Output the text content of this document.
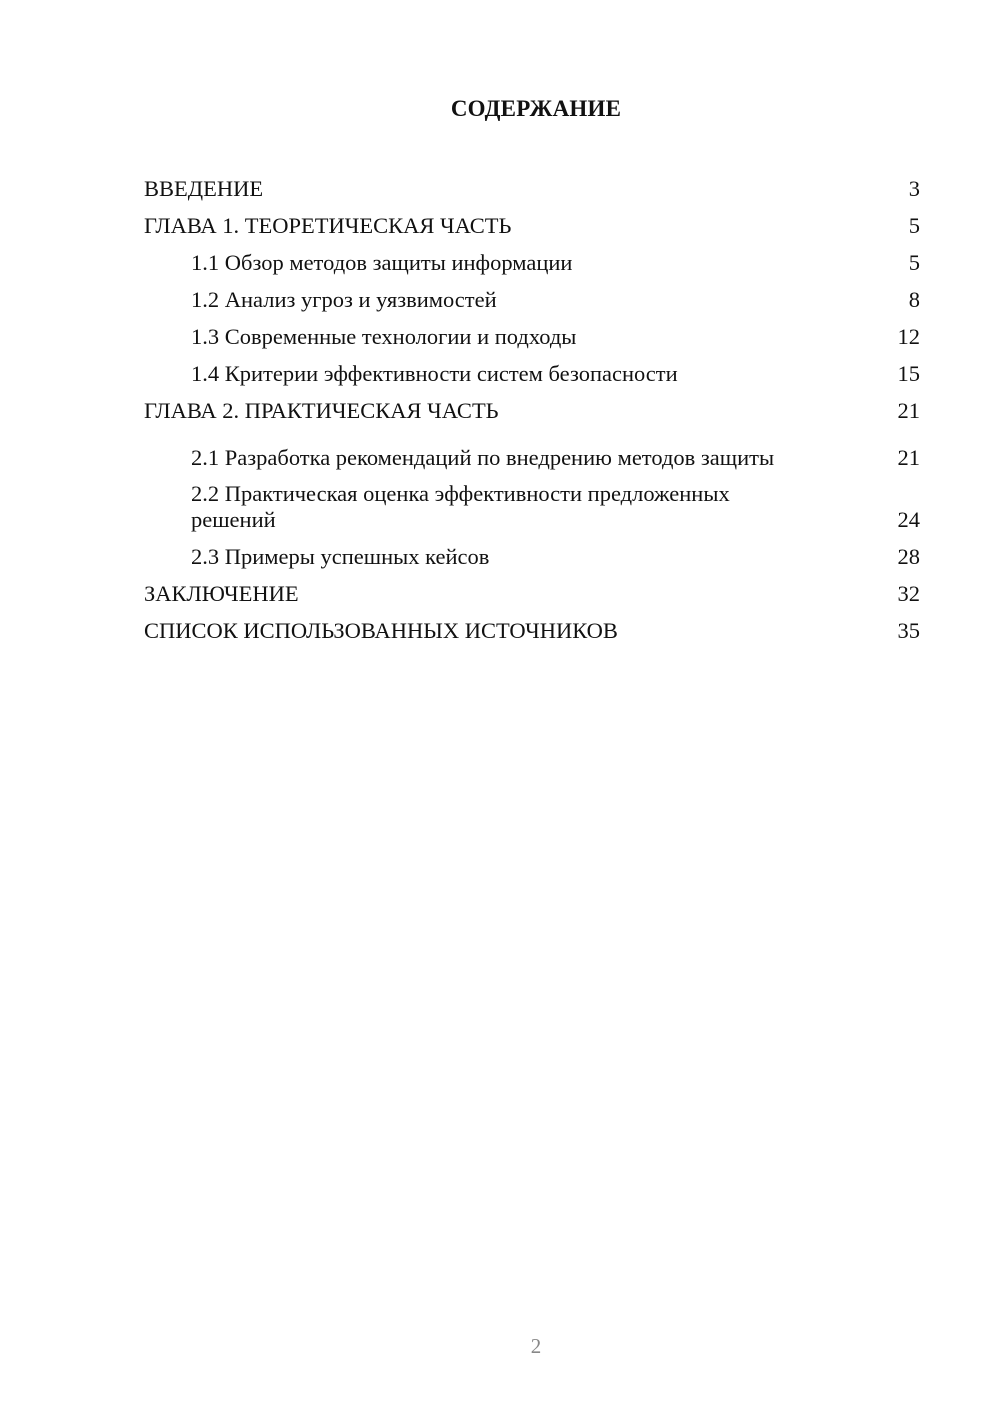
СОДЕРЖАНИЕ
ВВЕДЕНИЕ	3
ГЛАВА 1. ТЕОРЕТИЧЕСКАЯ ЧАСТЬ	5
1.1 Обзор методов защиты информации	5
1.2 Анализ угроз и уязвимостей	8
1.3 Современные технологии и подходы	12
1.4 Критерии эффективности систем безопасности	15
ГЛАВА 2. ПРАКТИЧЕСКАЯ ЧАСТЬ	21
2.1 Разработка рекомендаций по внедрению методов защиты	21
2.2 Практическая оценка эффективности предложенных решений	24
2.3 Примеры успешных кейсов	28
ЗАКЛЮЧЕНИЕ	32
СПИСОК ИСПОЛЬЗОВАННЫХ ИСТОЧНИКОВ	35
2
